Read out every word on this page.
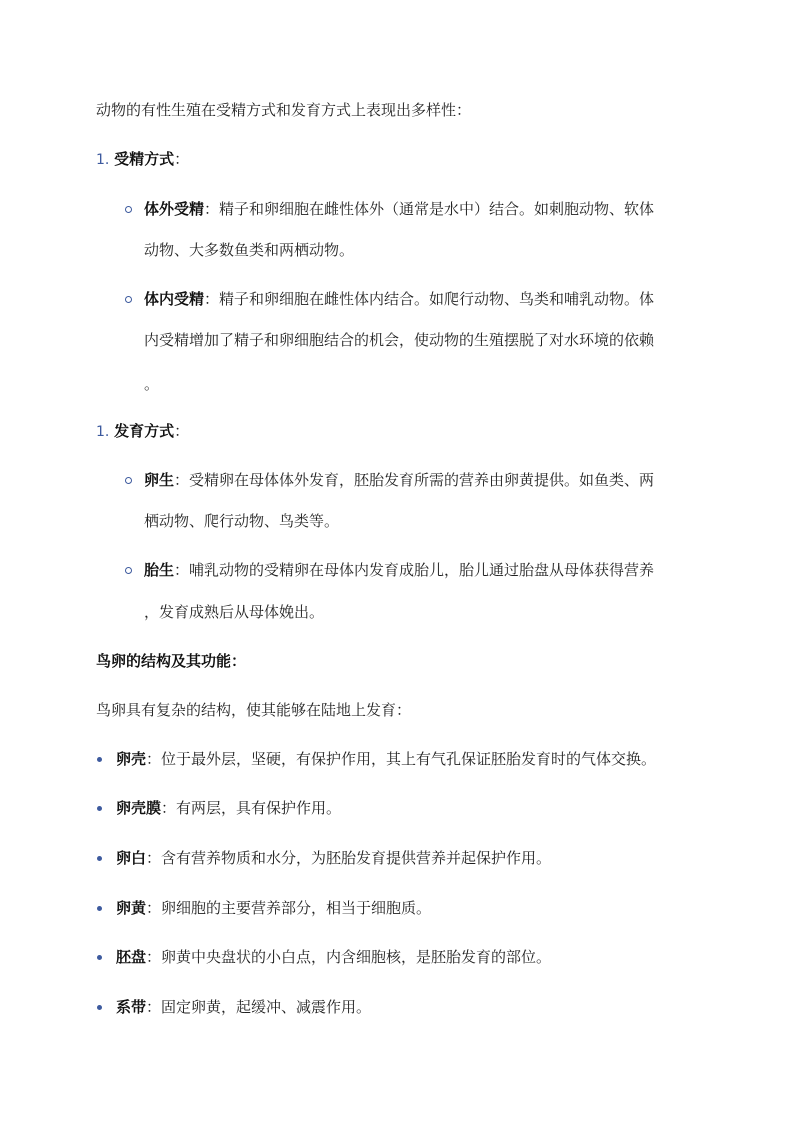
动物的有性生殖在受精方式和发育方式上表现出多样性：
1. 受精方式：
体外受精：精子和卵细胞在雌性体外（通常是水中）结合。如刺胞动物、软体
动物、大多数鱼类和两栖动物。
体内受精：精子和卵细胞在雌性体内结合。如爬行动物、鸟类和哺乳动物。体
内受精增加了精子和卵细胞结合的机会，使动物的生殖摆脱了对水环境的依赖
。
1. 发育方式：
卵生：受精卵在母体体外发育，胚胎发育所需的营养由卵黄提供。如鱼类、两
栖动物、爬行动物、鸟类等。
胎生：哺乳动物的受精卵在母体内发育成胎儿，胎儿通过胎盘从母体获得营养
，发育成熟后从母体娩出。
鸟卵的结构及其功能：
鸟卵具有复杂的结构，使其能够在陆地上发育：
卵壳：位于最外层，坚硬，有保护作用，其上有气孔保证胚胎发育时的气体交换。
卵壳膜：有两层，具有保护作用。
卵白：含有营养物质和水分，为胚胎发育提供营养并起保护作用。
卵黄：卵细胞的主要营养部分，相当于细胞质。
胚盘：卵黄中央盘状的小白点，内含细胞核，是胚胎发育的部位。
系带：固定卵黄，起缓冲、减震作用。
